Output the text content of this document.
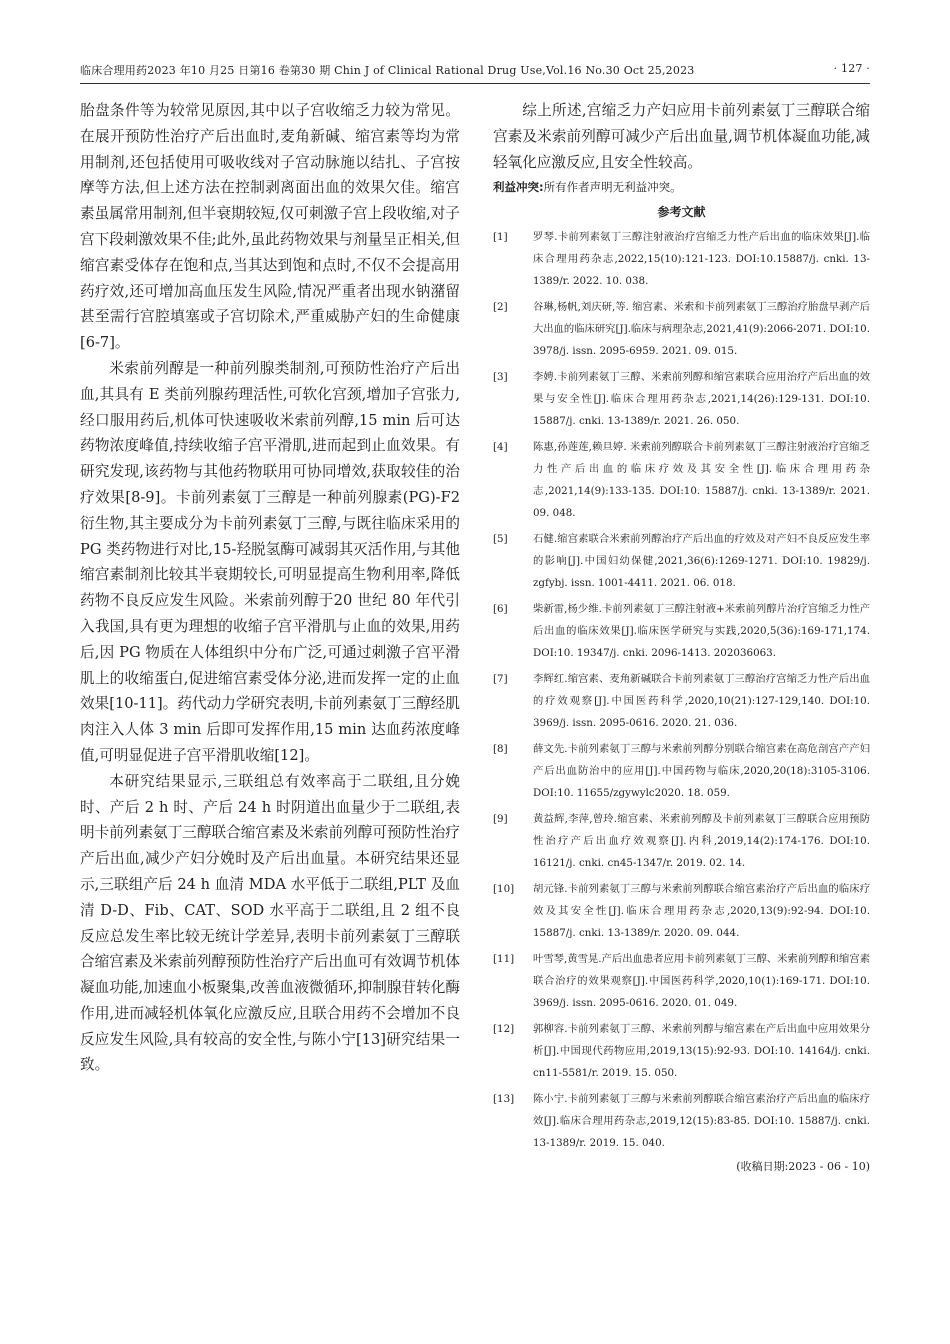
临床合理用药2023 年10 月25 日第16 卷第30 期 Chin J of Clinical Rational Drug Use,Vol.16 No.30 Oct 25,2023	· 127 ·

胎盘条件等为较常见原因,其中以子宫收缩乏力较为常见。在展开预防性治疗产后出血时,麦角新碱、缩宫素等均为常用制剂,还包括使用可吸收线对子宫动脉施以结扎、子宫按摩等方法,但上述方法在控制剥离面出血的效果欠佳。缩宫素虽属常用制剂,但半衰期较短,仅可刺激子宫上段收缩,对子宫下段刺激效果不佳;此外,虽此药物效果与剂量呈正相关,但缩宫素受体存在饱和点,当其达到饱和点时,不仅不会提高用药疗效,还可增加高血压发生风险,情况严重者出现水钠潴留甚至需行宫腔填塞或子宫切除术,严重威胁产妇的生命健康[6-7]。

米索前列醇是一种前列腺类制剂,可预防性治疗产后出血,其具有 E 类前列腺药理活性,可软化宫颈,增加子宫张力,经口服用药后,机体可快速吸收米索前列醇,15 min 后可达药物浓度峰值,持续收缩子宫平滑肌,进而起到止血效果。有研究发现,该药物与其他药物联用可协同增效,获取较佳的治疗效果[8-9]。卡前列素氨丁三醇是一种前列腺素(PG)-F2 衍生物,其主要成分为卡前列素氨丁三醇,与既往临床采用的PG 类药物进行对比,15-羟脱氢酶可减弱其灭活作用,与其他缩宫素制剂比较其半衰期较长,可明显提高生物利用率,降低药物不良反应发生风险。米索前列醇于20 世纪 80 年代引入我国,具有更为理想的收缩子宫平滑肌与止血的效果,用药后,因 PG 物质在人体组织中分布广泛,可通过刺激子宫平滑肌上的收缩蛋白,促进缩宫素受体分泌,进而发挥一定的止血效果[10-11]。药代动力学研究表明,卡前列素氨丁三醇经肌肉注入人体 3 min 后即可发挥作用,15 min 达血药浓度峰值,可明显促进子宫平滑肌收缩[12]。

本研究结果显示,三联组总有效率高于二联组,且分娩时、产后 2 h 时、产后 24 h 时阴道出血量少于二联组,表明卡前列素氨丁三醇联合缩宫素及米索前列醇可预防性治疗产后出血,减少产妇分娩时及产后出血量。本研究结果还显示,三联组产后 24 h 血清 MDA 水平低于二联组,PLT 及血清 D-D、Fib、CAT、SOD 水平高于二联组,且 2 组不良反应总发生率比较无统计学差异,表明卡前列素氨丁三醇联合缩宫素及米索前列醇预防性治疗产后出血可有效调节机体凝血功能,加速血小板聚集,改善血液微循环,抑制腺苷转化酶作用,进而减轻机体氧化应激反应,且联合用药不会增加不良反应发生风险,具有较高的安全性,与陈小宁[13]研究结果一致。

综上所述,宫缩乏力产妇应用卡前列素氨丁三醇联合缩宫素及米索前列醇可减少产后出血量,调节机体凝血功能,减轻氧化应激反应,且安全性较高。

利益冲突:所有作者声明无利益冲突。

参考文献
[1] 罗琴.卡前列素氨丁三醇注射液治疗宫缩乏力性产后出血的临床效果[J].临床合理用药杂志,2022,15(10):121-123. DOI:10.15887/j. cnki. 13-1389/r. 2022. 10. 038.
[2] 谷琳,杨帆,刘庆研,等. 缩宫素、米索和卡前列素氨丁三醇治疗胎盘早剥产后大出血的临床研究[J].临床与病理杂志,2021,41(9):2066-2071. DOI:10. 3978/j. issn. 2095-6959. 2021. 09. 015.
[3] 李娉.卡前列素氨丁三醇、米索前列醇和缩宫素联合应用治疗产后出血的效果与安全性[J].临床合理用药杂志,2021,14(26):129-131. DOI:10. 15887/j. cnki. 13-1389/r. 2021. 26. 050.
[4] 陈惠,孙莲莲,赖旦婷. 米索前列醇联合卡前列素氨丁三醇注射液治疗宫缩乏力性产后出血的临床疗效及其安全性[J].临床合理用药杂志,2021,14(9):133-135. DOI:10. 15887/j. cnki. 13-1389/r. 2021. 09. 048.
[5] 石健.缩宫素联合米索前列醇治疗产后出血的疗效及对产妇不良反应发生率的影响[J].中国妇幼保健,2021,36(6):1269-1271. DOI:10. 19829/j. zgfybj. issn. 1001-4411. 2021. 06. 018.
[6] 柴新雷,杨少维.卡前列素氨丁三醇注射液+米索前列醇片治疗宫缩乏力性产后出血的临床效果[J].临床医学研究与实践,2020,5(36):169-171,174. DOI:10. 19347/j. cnki. 2096-1413. 202036063.
[7] 李辉红.缩宫素、麦角新碱联合卡前列素氨丁三醇治疗宫缩乏力性产后出血的疗效观察[J].中国医药科学,2020,10(21):127-129,140. DOI:10. 3969/j. issn. 2095-0616. 2020. 21. 036.
[8] 薛文先.卡前列素氨丁三醇与米索前列醇分别联合缩宫素在高危剖宫产产妇产后出血防治中的应用[J].中国药物与临床,2020,20(18):3105-3106. DOI:10. 11655/zgywylc2020. 18. 059.
[9] 黄益辉,李萍,曾玲.缩宫素、米索前列醇及卡前列素氨丁三醇联合应用预防性治疗产后出血疗效观察[J].内科,2019,14(2):174-176. DOI:10. 16121/j. cnki. cn45-1347/r. 2019. 02. 14.
[10] 胡元锋.卡前列素氨丁三醇与米索前列醇联合缩宫素治疗产后出血的临床疗效及其安全性[J].临床合理用药杂志,2020,13(9):92-94. DOI:10. 15887/j. cnki. 13-1389/r. 2020. 09. 044.
[11] 叶雪琴,黄雪晃.产后出血患者应用卡前列素氨丁三醇、米索前列醇和缩宫素联合治疗的效果观察[J].中国医药科学,2020,10(1):169-171. DOI:10. 3969/j. issn. 2095-0616. 2020. 01. 049.
[12] 郭柳容.卡前列素氨丁三醇、米索前列醇与缩宫素在产后出血中应用效果分析[J].中国现代药物应用,2019,13(15):92-93. DOI:10. 14164/j. cnki. cn11-5581/r. 2019. 15. 050.
[13] 陈小宁.卡前列素氨丁三醇与米索前列醇联合缩宫素治疗产后出血的临床疗效[J].临床合理用药杂志,2019,12(15):83-85. DOI:10. 15887/j. cnki. 13-1389/r. 2019. 15. 040.
(收稿日期:2023 - 06 - 10)
